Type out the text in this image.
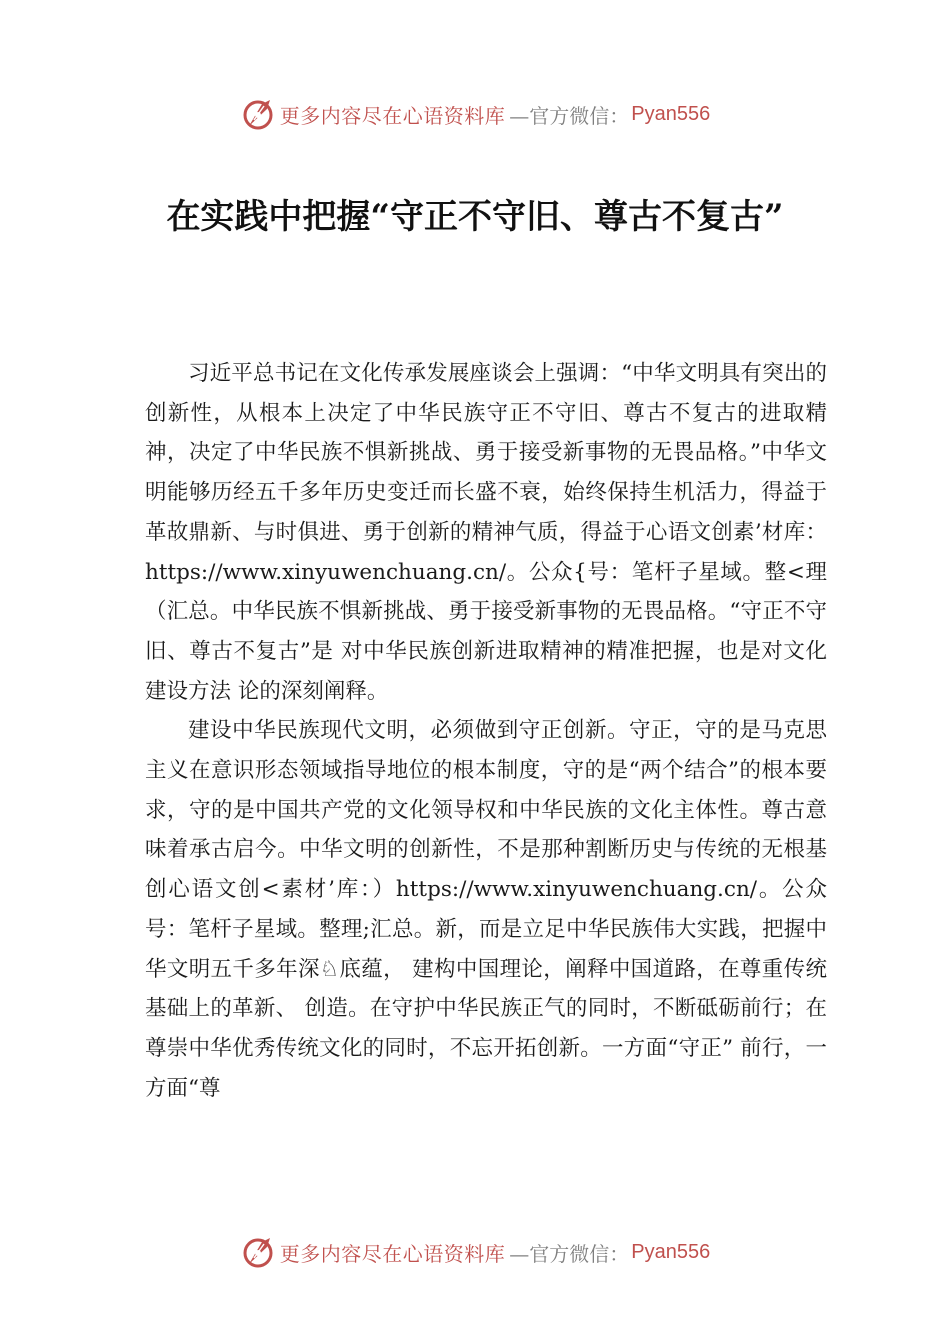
更多内容尽在心语资料库 —官方微信： Pyan556
在实践中把握“守正不守旧、尊古不复古”

习近平总书记在文化传承发展座谈会上强调：“中华文明具有突出的创新性，从根本上决定了中华民族守正不守旧、尊古不复古的进取精神，决定了中华民族不惧新挑战、勇于接受新事物的无畏品格。”中华文明能够历经五千多年历史变迁而长盛不衰，始终保持生机活力，得益于革故鼎新、与时俱进、勇于创新的精神气质，得益于心语文创素’材库：https://www.xinyuwenchuang.cn/。公众{号：笔杆子星域。整<理（汇总。中华民族不惧新挑战、勇于接受新事物的无畏品格。“守正不守旧、尊古不复古”是 对中华民族创新进取精神的精准把握，也是对文化建设方法 论的深刻阐释。

建设中华民族现代文明，必须做到守正创新。守正，守的是马克思主义在意识形态领域指导地位的根本制度，守的是“两个结合”的根本要求，守的是中国共产党的文化领导权和中华民族的文化主体性。尊古意味着承古启今。中华文明的创新性，不是那种割断历史与传统的无根基创心语文创<素材’库：）https://www.xinyuwenchuang.cn/。公众号：笔杆子星域。整理;汇总。新，而是立足中华民族伟大实践，把握中华文明五千多年深♘底蕴， 建构中国理论，阐释中国道路，在尊重传统基础上的革新、 创造。在守护中华民族正气的同时，不断砥砺前行；在尊崇中华优秀传统文化的同时，不忘开拓创新。一方面“守正” 前行，一方面“尊

更多内容尽在心语资料库 —官方微信： Pyan556
